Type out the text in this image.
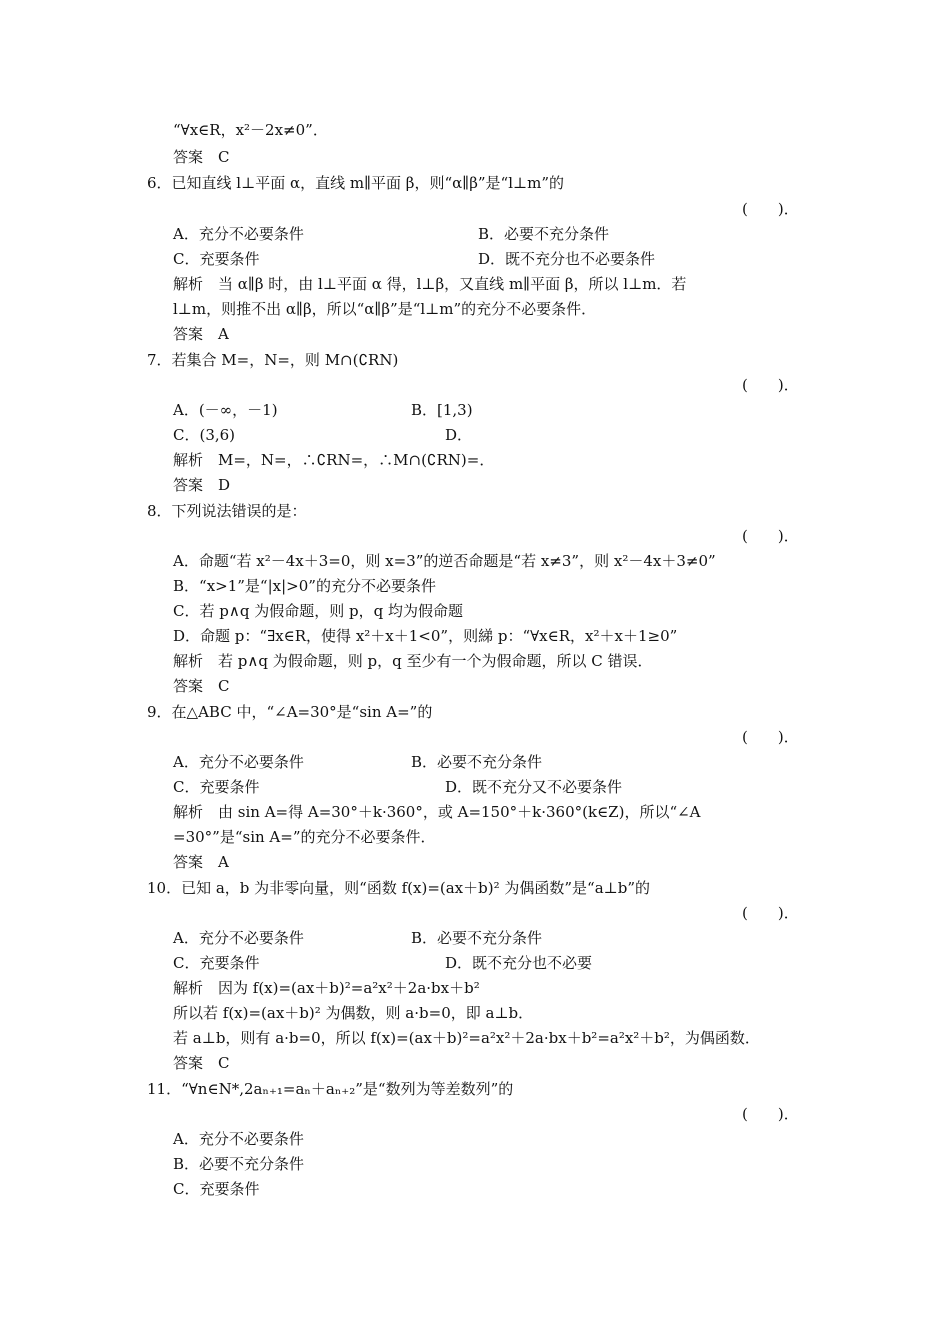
“∀x∈R，x²－2x≠0”．
答案　C
6．已知直线 l⊥平面 α，直线 m∥平面 β，则“α∥β”是“l⊥m”的
(　　)．
A．充分不必要条件	B．必要不充分条件
C．充要条件	D．既不充分也不必要条件
解析　当 α∥β 时，由 l⊥平面 α 得，l⊥β，又直线 m∥平面 β，所以 l⊥m．若
l⊥m，则推不出 α∥β，所以“α∥β”是“l⊥m”的充分不必要条件．
答案　A
7．若集合 M=，N=，则 M∩(∁RN)
(　　)．
A．(－∞，－1)	B．[1,3)
C．(3,6)	D．
解析　M=，N=，∴∁RN=，∴M∩(∁RN)=．
答案　D
8．下列说法错误的是：
(　　)．
A．命题“若 x²－4x＋3=0，则 x=3”的逆否命题是“若 x≠3”，则 x²－4x＋3≠0”
B．“x>1”是“|x|>0”的充分不必要条件
C．若 p∧q 为假命题，则 p，q 均为假命题
D．命题 p：“∃x∈R，使得 x²＋x＋1<0”，则綈 p：“∀x∈R，x²＋x＋1≥0”
解析　若 p∧q 为假命题，则 p，q 至少有一个为假命题，所以 C 错误．
答案　C
9．在△ABC 中，“∠A=30°是“sin A=”的
(　　)．
A．充分不必要条件	B．必要不充分条件
C．充要条件	D．既不充分又不必要条件
解析　由 sin A=得 A=30°＋k·360°，或 A=150°＋k·360°(k∈Z)，所以“∠A
=30°”是“sin A=”的充分不必要条件．
答案　A
10．已知 a，b 为非零向量，则“函数 f(x)=(ax＋b)² 为偶函数”是“a⊥b”的
(　　)．
A．充分不必要条件	B．必要不充分条件
C．充要条件	D．既不充分也不必要
解析　因为 f(x)=(ax＋b)²=a²x²＋2a·bx＋b²
所以若 f(x)=(ax＋b)² 为偶数，则 a·b=0，即 a⊥b．
若 a⊥b，则有 a·b=0，所以 f(x)=(ax＋b)²=a²x²＋2a·bx＋b²=a²x²＋b²，为偶函数．
答案　C
11．“∀n∈N*,2aₙ₊₁=aₙ＋aₙ₊₂”是“数列为等差数列”的
(　　)．
A．充分不必要条件
B．必要不充分条件
C．充要条件
